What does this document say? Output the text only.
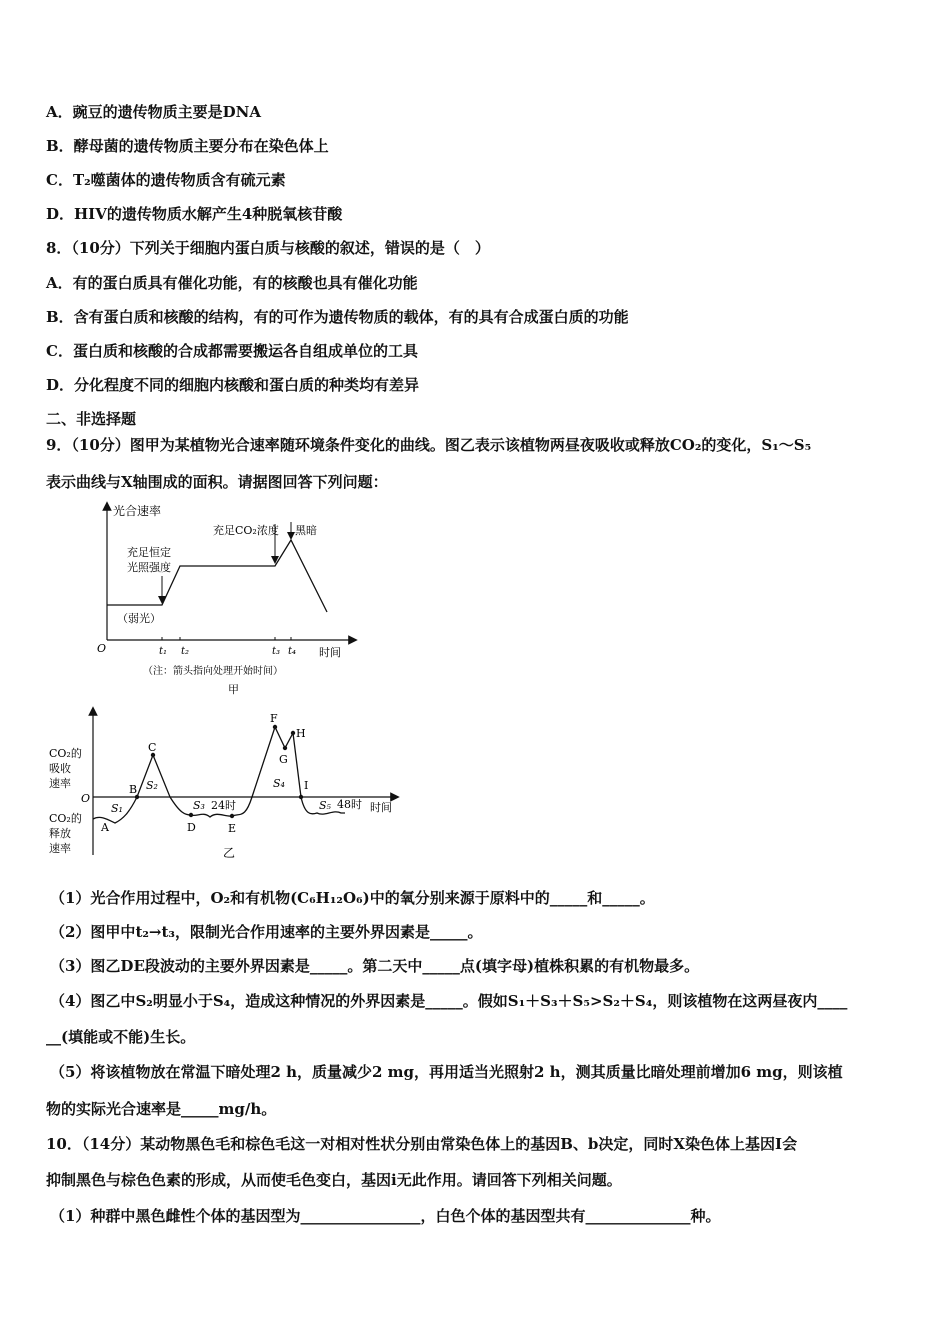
A．豌豆的遗传物质主要是DNA
B．酵母菌的遗传物质主要分布在染色体上
C．T₂噬菌体的遗传物质含有硫元素
D．HIV的遗传物质水解产生4种脱氧核苷酸
8．（10分）下列关于细胞内蛋白质与核酸的叙述，错误的是（　）
A．有的蛋白质具有催化功能，有的核酸也具有催化功能
B．含有蛋白质和核酸的结构，有的可作为遗传物质的载体，有的具有合成蛋白质的功能
C．蛋白质和核酸的合成都需要搬运各自组成单位的工具
D．分化程度不同的细胞内核酸和蛋白质的种类均有差异
二、非选择题
9．（10分）图甲为某植物光合速率随环境条件变化的曲线。图乙表示该植物两昼夜吸收或释放CO₂的变化，S₁～S₅
表示曲线与X轴围成的面积。请据图回答下列问题：
光合速率
时间
O	t₁ t₂	t₃ t₄
充足恒定
光照强度
充足CO₂浓度 黑暗
（弱光）
（注：箭头指向处理开始时间）
甲
O
时间
CO₂的
吸收
速率
CO₂的
释放
速率
A
B
C
D	E
F
G
H
I
S₁
S₂
S₃ 24时
S₄
S₅ 48时
乙
（1）光合作用过程中，O₂和有机物(C₆H₁₂O₆)中的氧分别来源于原料中的_____和_____。
（2）图甲中t₂→t₃，限制光合作用速率的主要外界因素是_____。
（3）图乙DE段波动的主要外界因素是_____。第二天中_____点(填字母)植株积累的有机物最多。
（4）图乙中S₂明显小于S₄，造成这种情况的外界因素是_____。假如S₁＋S₃＋S₅>S₂＋S₄，则该植物在这两昼夜内____
__(填能或不能)生长。
（5）将该植物放在常温下暗处理2 h，质量减少2 mg，再用适当光照射2 h，测其质量比暗处理前增加6 mg，则该植
物的实际光合速率是_____mg/h。
10．（14分）某动物黑色毛和棕色毛这一对相对性状分别由常染色体上的基因B、b决定，同时X染色体上基因I会
抑制黑色与棕色色素的形成，从而使毛色变白，基因i无此作用。请回答下列相关问题。
（1）种群中黑色雌性个体的基因型为________________，白色个体的基因型共有______________种。
